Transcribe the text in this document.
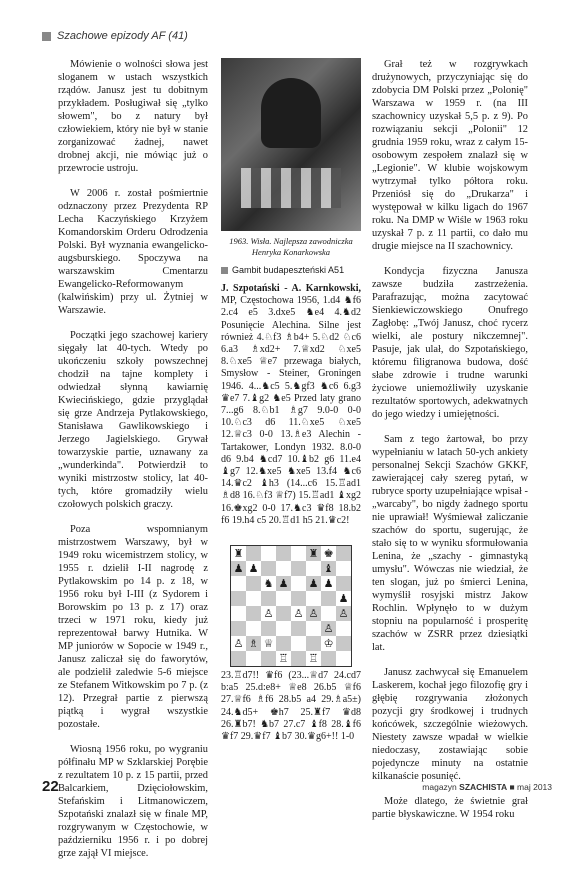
Szachowe epizody AF (41)

Mówienie o wolności słowa jest sloganem w ustach wszystkich rządów. Janusz jest tu dobitnym przykładem. Posługiwał się „tylko słowem", bo z natury był człowiekiem, który nie był w stanie zorganizować żadnej, nawet drobnej akcji, nie mówiąc już o przewrocie ustroju.

W 2006 r. został pośmiertnie odznaczony przez Prezydenta RP Lecha Kaczyńskiego Krzyżem Komandorskim Orderu Odrodzenia Polski. Był wyznania ewangelicko-augsburskiego. Spoczywa na warszawskim Cmentarzu Ewangelicko-Reformowanym (kalwińskim) przy ul. Żytniej w Warszawie.

Początki jego szachowej kariery sięgały lat 40-tych. Wtedy po ukończeniu szkoły powszechnej chodził na tajne komplety i odwiedzał słynną kawiarnię Kwiecińskiego, gdzie przyglądał się grze Andrzeja Pytlakowskiego, Stanisława Gawlikowskiego i Jerzego Jagielskiego. Grywał towarzyskie partie, uznawany za „wunderkinda". Potwierdził to wyniki mistrzostw stolicy, lat 40-tych, które gromadziły wielu czołowych polskich graczy.

Poza wspomnianym mistrzostwem Warszawy, był w 1949 roku wicemistrzem stolicy, w 1955 r. dzielił I-II nagrodę z Pytlakowskim po 14 p. z 18, w 1956 roku był I-III (z Sydorem i Borowskim po 13 p. z 17) oraz trzeci w 1971 roku, kiedy już reprezentował barwy Hutnika. W MP juniorów w Sopocie w 1949 r., Janusz zaliczał się do faworytów, ale podzielił zaledwie 5-6 miejsce ze Stefanem Witkowskim po 7 p. (z 12). Przegrał partie z pierwszą piątką i wygrał wszystkie pozostałe.

Wiosną 1956 roku, po wygraniu półfinału MP w Szklarskiej Porębie z rezultatem 10 p. z 15 partii, przed Balcarkiem, Dzięciołowskim, Stefańskim i Litmanowiczem, Szpotański znalazł się w finale MP, rozgrywanym w Częstochowie, w październiku 1956 r. i po dobrej grze zajął VI miejsce.

1963. Wisła. Najlepsza zawodniczka Henryka Konarkowska
Gambit budapeszteński A51
J. Szpotański - A. Karnkowski, MP, Częstochowa 1956, 1.d4 ♞f6 2.c4 e5 3.dxe5 ♞e4 4.♞d2 Posunięcie Alechina. Silne jest również 4.♘f3 ♗b4+ 5.♘d2 ♘c6 6.a3 ♗xd2+ 7.♕xd2 ♘xe5 8.♘xe5 ♕e7 przewaga białych, Smysłow - Steiner, Groningen 1946. 4...♞c5 5.♞gf3 ♞c6 6.g3 ♛e7 7.♝g2 ♞e5 Przed laty grano 7...g6 8.♘b1 ♗g7 9.0-0 0-0 10.♘c3 d6 11.♘xe5 ♘xe5 12.♕c3 0-0 13.♗e3 Alechin - Tartakower, Londyn 1932. 8.0-0 d6 9.b4 ♞cd7 10.♝b2 g6 11.e4 ♝g7 12.♞xe5 ♞xe5 13.f4 ♞c6 14.♛c2 ♝h3 (14...c6 15.♖ad1 ♗d8 16.♘f3 ♕f7) 15.♖ad1 ♝xg2 16.♚xg2 0-0 17.♞c3 ♛f8 18.b2 f6 19.h4 c5 20.♖d1 h5 21.♛c2!
♜	♜ ♚
♟ ♟	♝
♞ ♟ ♟ ♟
♟
♙ ♙ ♙ ♙
♙
♙ ♗ ♕	♔
♖ ♖
23.♖d7!! ♛f6 (23...♕d7 24.cd7 b:a5 25.d:e8+ ♕e8 26.b5 ♕f6 27.♕f6 ♗f6 28.b5 a4 29.♗a5±) 24.♞d5+ ♚h7 25.♜f7 ♛d8 26.♜b7! ♞b7 27.c7 ♝f8 28.♝f6 ♛f7 29.♛f7 ♝b7 30.♛g6+!! 1-0

Grał też w rozgrywkach drużynowych, przyczyniając się do zdobycia DM Polski przez „Polonię" Warszawa w 1959 r. (na III szachownicy uzyskał 5,5 p. z 9). Po rozwiązaniu sekcji „Polonii" 12 grudnia 1959 roku, wraz z całym 15-osobowym zespołem znalazł się w „Legionie". W klubie wojskowym wytrzymał tylko półtora roku. Przeniósł się do „Drukarza" i występował w kilku ligach do 1967 roku. Na DMP w Wiśle w 1963 roku uzyskał 7 p. z 11 partii, co dało mu drugie miejsce na II szachownicy.

Kondycja fizyczna Janusza zawsze budziła zastrzeżenia. Parafrazując, można zacytować Sienkiewiczowskiego Onufrego Zagłobę: „Twój Janusz, choć rycerz wielki, ale postury nikczemnej". Pasuje, jak ulał, do Szpotańskiego, któremu filigranowa budowa, dość słabe zdrowie i trudne warunki życiowe uniemożliwiły uzyskanie rezultatów sportowych, adekwatnych do jego wiedzy i umiejętności.

Sam z tego żartował, bo przy wypełnianiu w latach 50-ych ankiety personalnej Sekcji Szachów GKKF, zawierającej cały szereg pytań, w rubryce sporty uzupełniające wpisał - „warcaby", bo nigdy żadnego sportu nie uprawiał! Wyśmiewał zaliczanie szachów do sportu, sugerując, że stało się to w wyniku sformułowania Lenina, że „szachy - gimnastyką umysłu". Wówczas nie wiedział, że ten slogan, już po śmierci Lenina, wymyślił rosyjski mistrz Jakow Rochlin. Wpłynęło to w dużym stopniu na popularność i prosperitę szachów w ZSRR przez dziesiątki lat.

Janusz zachwycał się Emanuelem Laskerem, kochał jego filozofię gry i głębię rozgrywania złożonych pozycji gry środkowej i trudnych końcówek, szczególnie wieżowych. Niestety zawsze wpadał w wielkie niedoczasy, zostawiając sobie pojedyncze minuty na ostatnie kilkanaście posunięć.

Może dlatego, że świetnie grał partie błyskawiczne. W 1954 roku

22	magazyn SZACHISTA ■ maj 2013
